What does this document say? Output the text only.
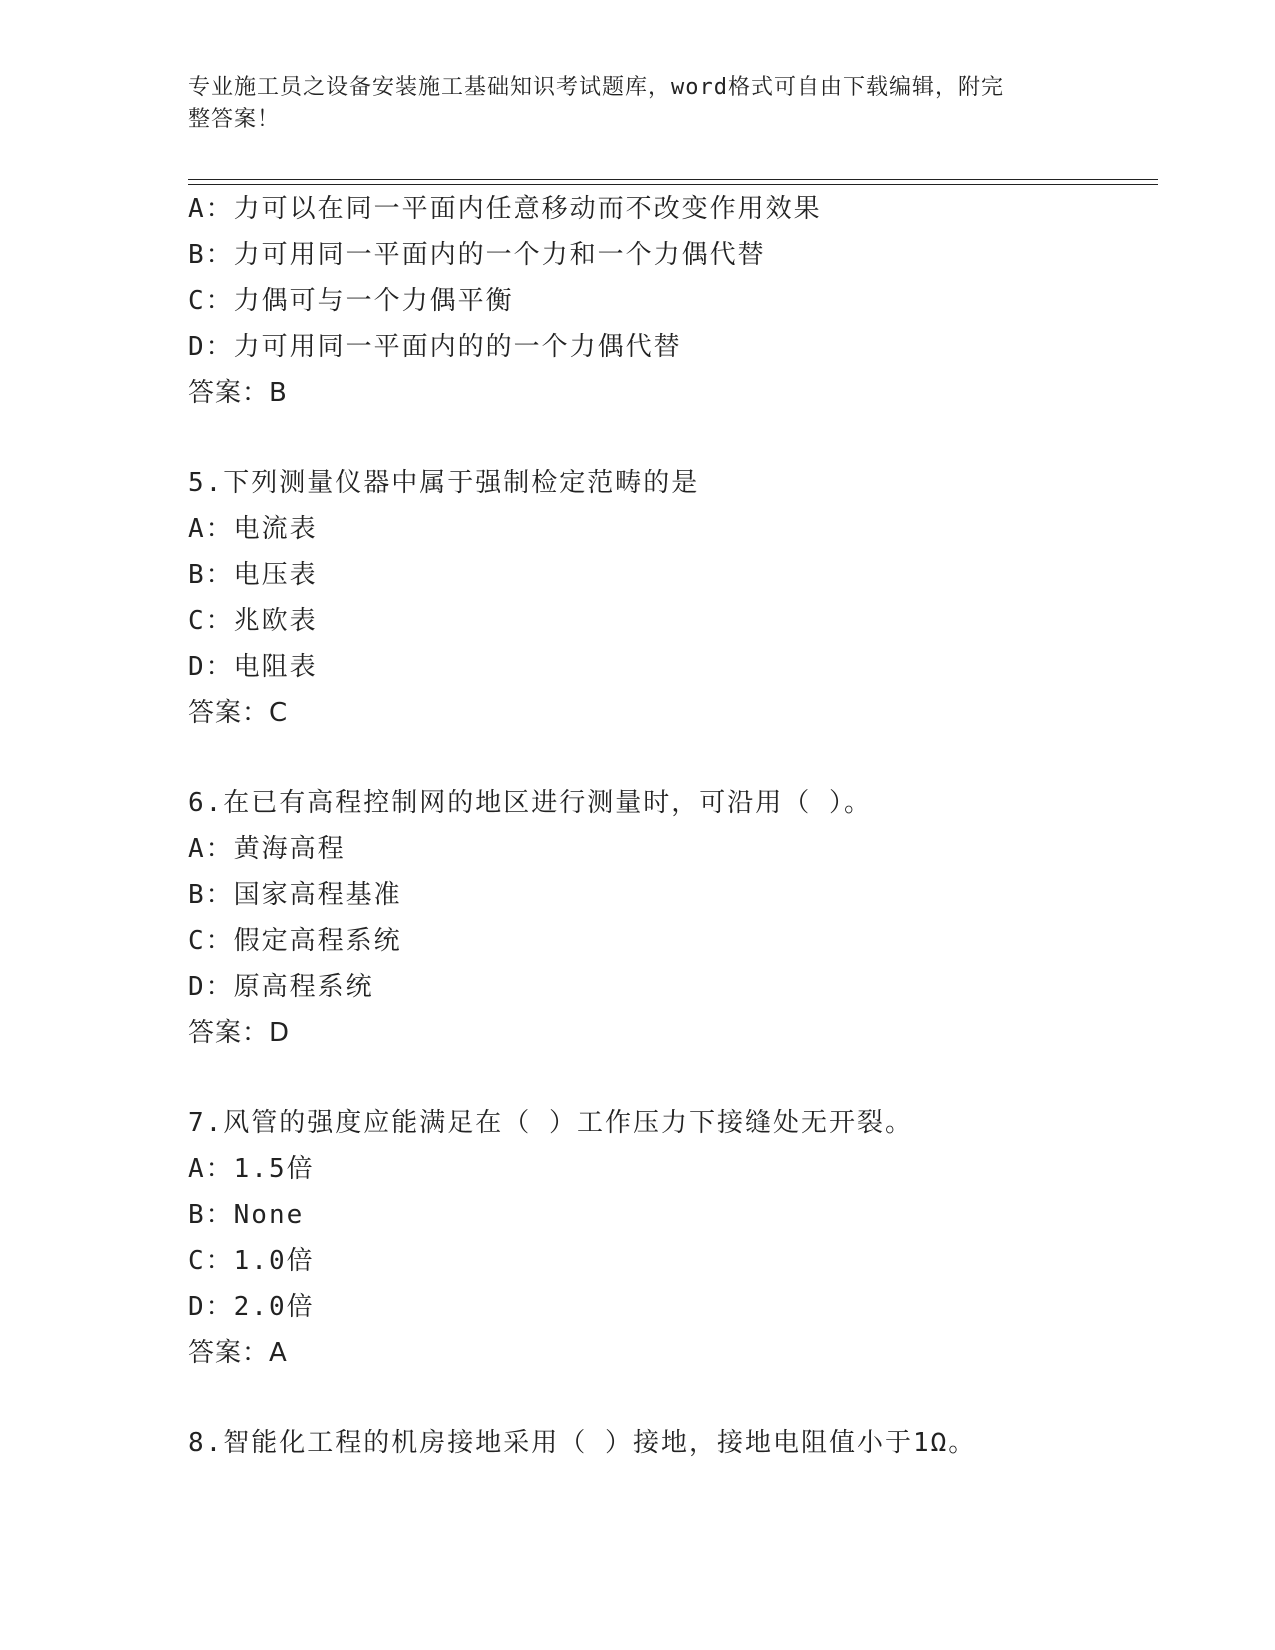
专业施工员之设备安装施工基础知识考试题库，word格式可自由下载编辑，附完
整答案！
A：力可以在同一平面内任意移动而不改变作用效果
B：力可用同一平面内的一个力和一个力偶代替
C：力偶可与一个力偶平衡
D：力可用同一平面内的的一个力偶代替
答案：B
5.下列测量仪器中属于强制检定范畴的是
A：电流表
B：电压表
C：兆欧表
D：电阻表
答案：C
6.在已有高程控制网的地区进行测量时，可沿用（ ）。
A：黄海高程
B：国家高程基准
C：假定高程系统
D：原高程系统
答案：D
7.风管的强度应能满足在（ ）工作压力下接缝处无开裂。
A：1.5倍
B：None
C：1.0倍
D：2.0倍
答案：A
8.智能化工程的机房接地采用（ ）接地，接地电阻值小于1Ω。
